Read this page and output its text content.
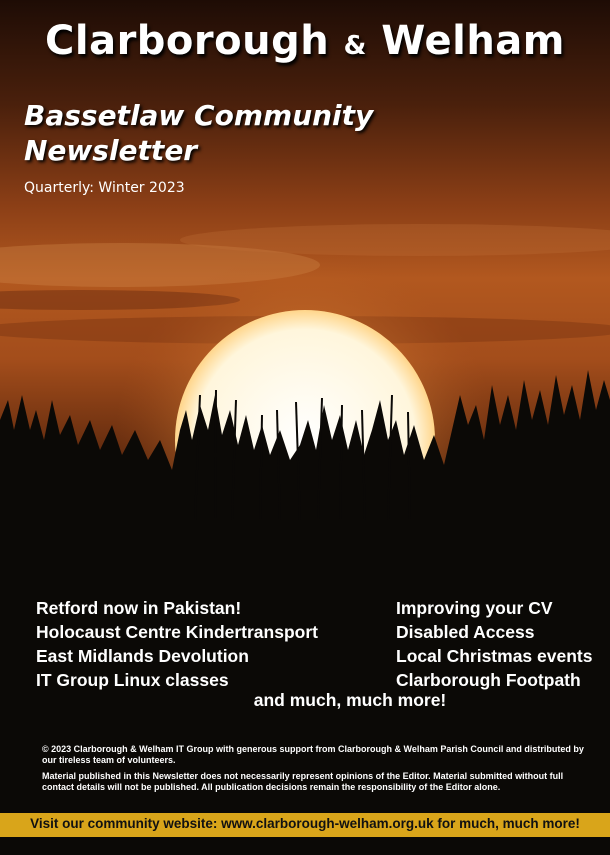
Clarborough & Welham
Bassetlaw Community
Newsletter
Quarterly: Winter 2023
Retford now in Pakistan!
Holocaust Centre Kindertransport
East Midlands Devolution
IT Group Linux classes
Improving your CV
Disabled Access
Local Christmas events
Clarborough Footpath
and much, much more!
© 2023 Clarborough & Welham IT Group with generous support from Clarborough & Welham Parish Council and distributed by our tireless team of volunteers.
Material published in this Newsletter does not necessarily represent opinions of the Editor. Material submitted without full contact details will not be published. All publication decisions remain the responsibility of the Editor alone.
Visit our community website: www.clarborough-welham.org.uk for much, much more!
